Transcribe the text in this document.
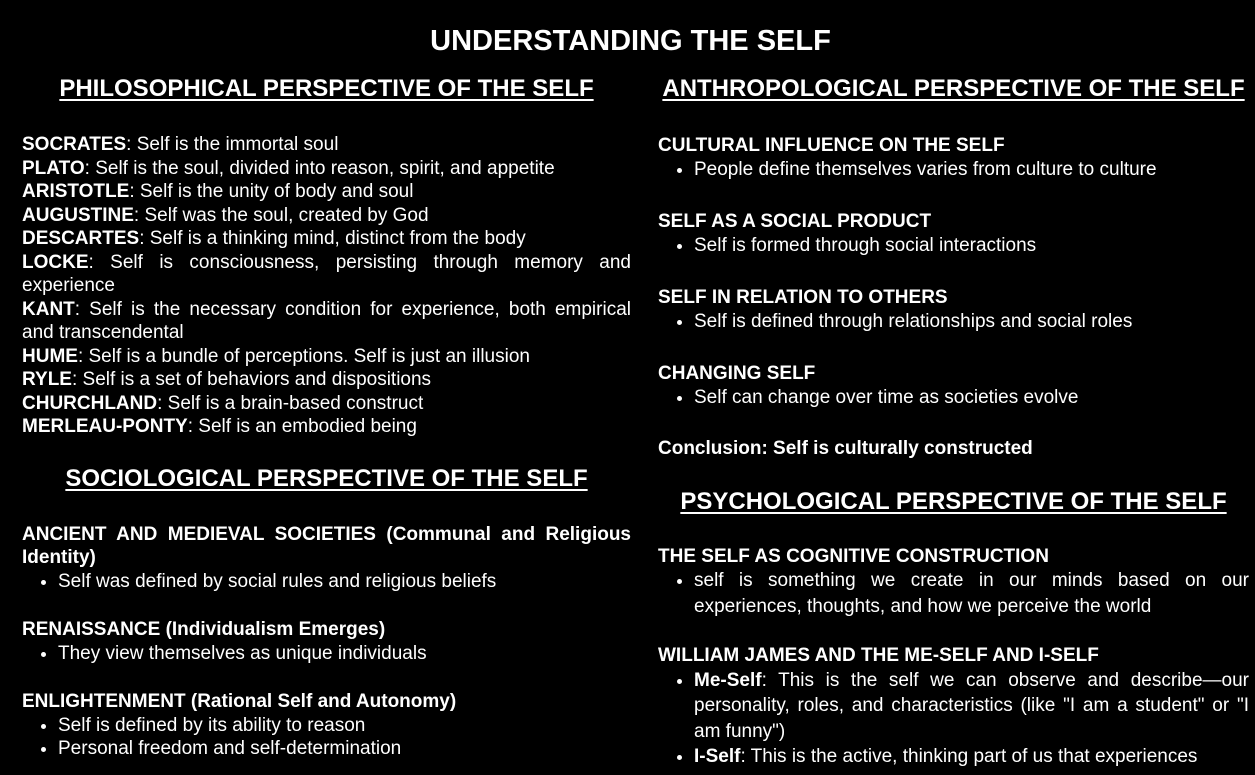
UNDERSTANDING THE SELF
PHILOSOPHICAL PERSPECTIVE OF THE SELF
SOCRATES: Self is the immortal soul
PLATO: Self is the soul, divided into reason, spirit, and appetite
ARISTOTLE: Self is the unity of body and soul
AUGUSTINE: Self was the soul, created by God
DESCARTES: Self is a thinking mind, distinct from the body
LOCKE: Self is consciousness, persisting through memory and experience
KANT: Self is the necessary condition for experience, both empirical and transcendental
HUME: Self is a bundle of perceptions. Self is just an illusion
RYLE: Self is a set of behaviors and dispositions
CHURCHLAND: Self is a brain-based construct
MERLEAU-PONTY: Self is an embodied being
SOCIOLOGICAL PERSPECTIVE OF THE SELF
ANCIENT AND MEDIEVAL SOCIETIES (Communal and Religious Identity)
• Self was defined by social rules and religious beliefs
RENAISSANCE (Individualism Emerges)
• They view themselves as unique individuals
ENLIGHTENMENT (Rational Self and Autonomy)
• Self is defined by its ability to reason
• Personal freedom and self-determination
ANTHROPOLOGICAL PERSPECTIVE OF THE SELF
CULTURAL INFLUENCE ON THE SELF
• People define themselves varies from culture to culture
SELF AS A SOCIAL PRODUCT
• Self is formed through social interactions
SELF IN RELATION TO OTHERS
• Self is defined through relationships and social roles
CHANGING SELF
• Self can change over time as societies evolve
Conclusion: Self is culturally constructed
PSYCHOLOGICAL PERSPECTIVE OF THE SELF
THE SELF AS COGNITIVE CONSTRUCTION
• self is something we create in our minds based on our experiences, thoughts, and how we perceive the world
WILLIAM JAMES AND THE ME-SELF AND I-SELF
• Me-Self: This is the self we can observe and describe—our personality, roles, and characteristics (like "I am a student" or "I am funny")
• I-Self: This is the active, thinking part of us that experiences
